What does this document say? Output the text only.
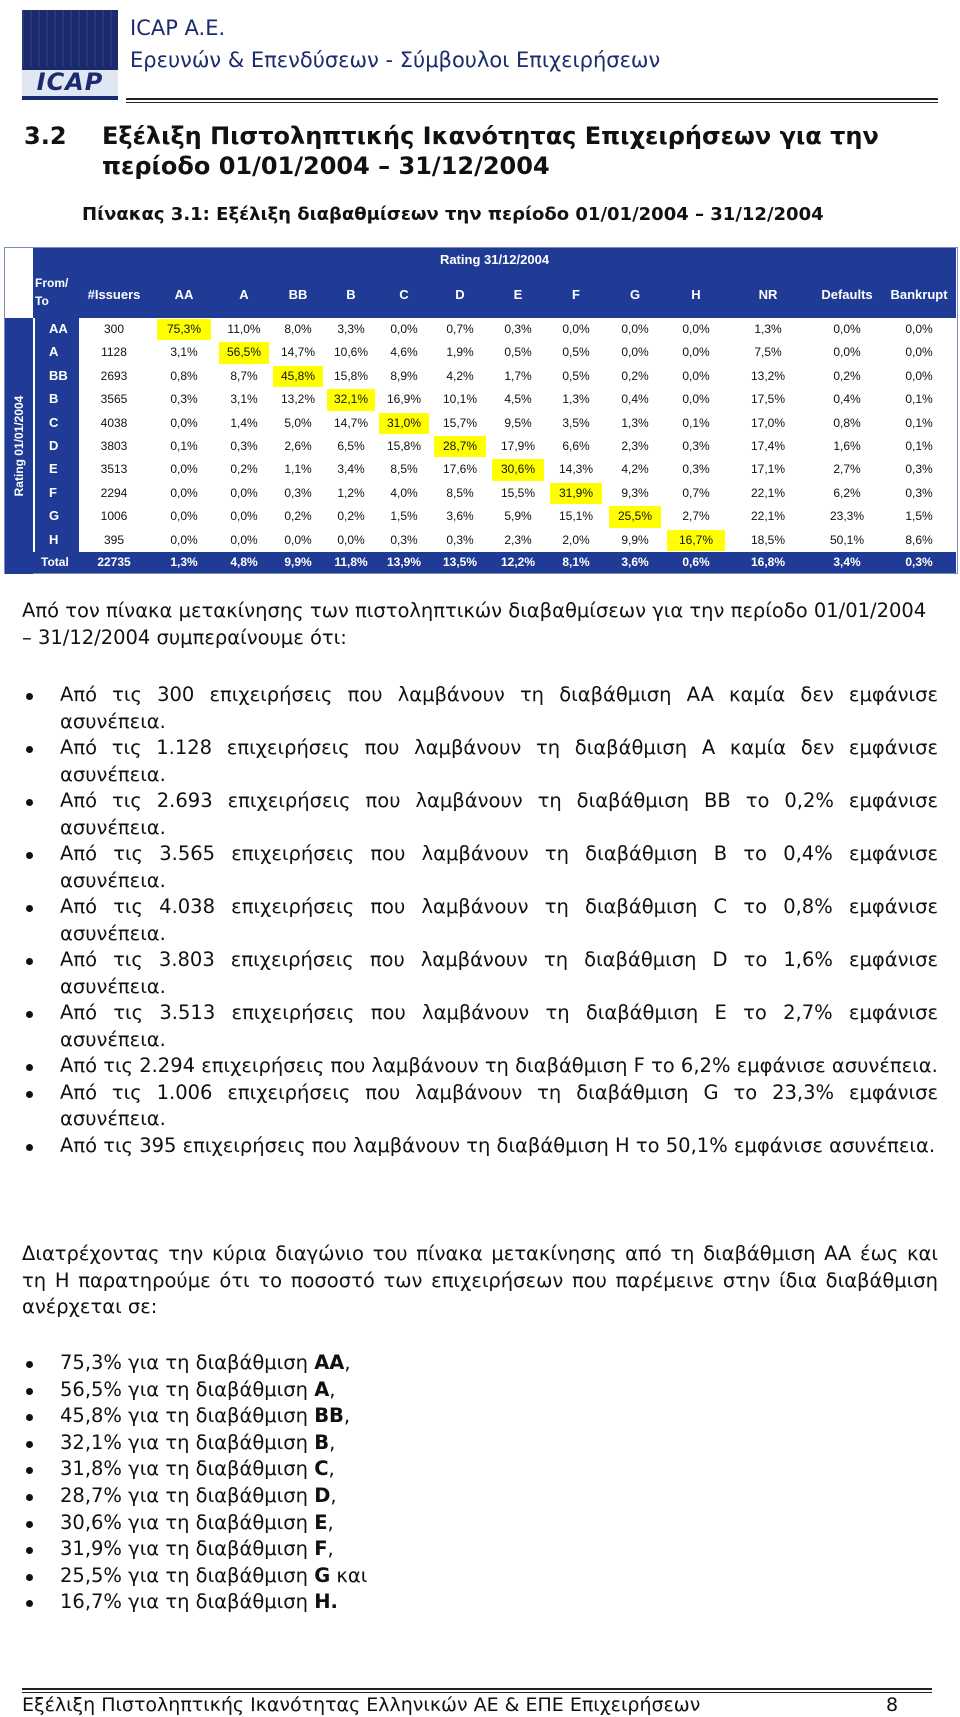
ICAP
ICAP A.E.
Ερευνών & Επενδύσεων - Σύμβουλοι Επιχειρήσεων
3.2 Εξέλιξη Πιστοληπτικής Ικανότητας Επιχειρήσεων για την περίοδο 01/01/2004 – 31/12/2004
Πίνακας 3.1: Εξέλιξη διαβαθμίσεων την περίοδο 01/01/2004 – 31/12/2004
Rating 31/12/2004
Rating 01/01/2004
From/
To	#Issuers	AA	A	BB	B	C	D	E	F	G	H	NR	Defaults	Bankrupt
AA	300	75,3%	11,0%	8,0%	3,3%	0,0%	0,7%	0,3%	0,0%	0,0%	0,0%	1,3%	0,0%	0,0%
A	1128	3,1%	56,5%	14,7%	10,6%	4,6%	1,9%	0,5%	0,5%	0,0%	0,0%	7,5%	0,0%	0,0%
BB	2693	0,8%	8,7%	45,8%	15,8%	8,9%	4,2%	1,7%	0,5%	0,2%	0,0%	13,2%	0,2%	0,0%
B	3565	0,3%	3,1%	13,2%	32,1%	16,9%	10,1%	4,5%	1,3%	0,4%	0,0%	17,5%	0,4%	0,1%
C	4038	0,0%	1,4%	5,0%	14,7%	31,0%	15,7%	9,5%	3,5%	1,3%	0,1%	17,0%	0,8%	0,1%
D	3803	0,1%	0,3%	2,6%	6,5%	15,8%	28,7%	17,9%	6,6%	2,3%	0,3%	17,4%	1,6%	0,1%
E	3513	0,0%	0,2%	1,1%	3,4%	8,5%	17,6%	30,6%	14,3%	4,2%	0,3%	17,1%	2,7%	0,3%
F	2294	0,0%	0,0%	0,3%	1,2%	4,0%	8,5%	15,5%	31,9%	9,3%	0,7%	22,1%	6,2%	0,3%
G	1006	0,0%	0,0%	0,2%	0,2%	1,5%	3,6%	5,9%	15,1%	25,5%	2,7%	22,1%	23,3%	1,5%
H	395	0,0%	0,0%	0,0%	0,0%	0,3%	0,3%	2,3%	2,0%	9,9%	16,7%	18,5%	50,1%	8,6%
Total	22735	1,3%	4,8%	9,9%	11,8%	13,9%	13,5%	12,2%	8,1%	3,6%	0,6%	16,8%	3,4%	0,3%
Από τον πίνακα μετακίνησης των πιστοληπτικών διαβαθμίσεων για την περίοδο 01/01/2004 – 31/12/2004 συμπεραίνουμε ότι:
Από τις 300 επιχειρήσεις που λαμβάνουν τη διαβάθμιση AA καμία δεν εμφάνισε ασυνέπεια.
Από τις 1.128 επιχειρήσεις που λαμβάνουν τη διαβάθμιση A καμία δεν εμφάνισε ασυνέπεια.
Από τις 2.693 επιχειρήσεις που λαμβάνουν τη διαβάθμιση BB το 0,2% εμφάνισε ασυνέπεια.
Από τις 3.565 επιχειρήσεις που λαμβάνουν τη διαβάθμιση B το 0,4% εμφάνισε ασυνέπεια.
Από τις 4.038 επιχειρήσεις που λαμβάνουν τη διαβάθμιση C το 0,8% εμφάνισε ασυνέπεια.
Από τις 3.803 επιχειρήσεις που λαμβάνουν τη διαβάθμιση D το 1,6% εμφάνισε ασυνέπεια.
Από τις 3.513 επιχειρήσεις που λαμβάνουν τη διαβάθμιση E το 2,7% εμφάνισε ασυνέπεια.
Από τις 2.294 επιχειρήσεις που λαμβάνουν τη διαβάθμιση F το 6,2% εμφάνισε ασυνέπεια.
Από τις 1.006 επιχειρήσεις που λαμβάνουν τη διαβάθμιση G το 23,3% εμφάνισε ασυνέπεια.
Από τις 395 επιχειρήσεις που λαμβάνουν τη διαβάθμιση H το 50,1% εμφάνισε ασυνέπεια.
Διατρέχοντας την κύρια διαγώνιο του πίνακα μετακίνησης από τη διαβάθμιση AA έως και τη H παρατηρούμε ότι το ποσοστό των επιχειρήσεων που παρέμεινε στην ίδια διαβάθμιση ανέρχεται σε:
75,3% για τη διαβάθμιση AA,
56,5% για τη διαβάθμιση A,
45,8% για τη διαβάθμιση BB,
32,1% για τη διαβάθμιση B,
31,8% για τη διαβάθμιση C,
28,7% για τη διαβάθμιση D,
30,6% για τη διαβάθμιση E,
31,9% για τη διαβάθμιση F,
25,5% για τη διαβάθμιση G και
16,7% για τη διαβάθμιση H.
Εξέλιξη Πιστοληπτικής Ικανότητας Ελληνικών ΑΕ & ΕΠΕ Επιχειρήσεων	8
